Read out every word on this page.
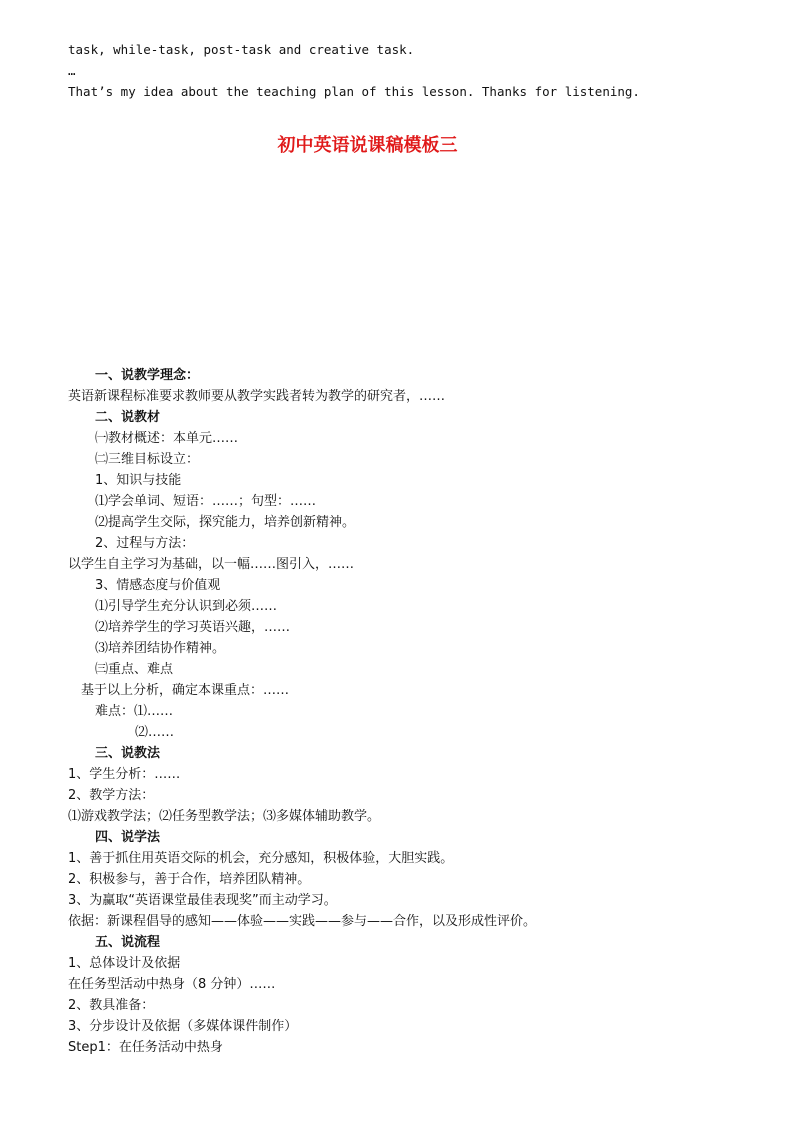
task, while-task, post-task and creative task.
…
That’s my idea about the teaching plan of this lesson. Thanks for listening.
初中英语说课稿模板三
一、说教学理念：
英语新课程标准要求教师要从教学实践者转为教学的研究者，……
二、说教材
㈠教材概述：本单元……
㈡三维目标设立：
1、知识与技能
⑴学会单词、短语：……；句型：……
⑵提高学生交际，探究能力，培养创新精神。
2、过程与方法：
以学生自主学习为基础，以一幅……图引入，……
3、情感态度与价值观
⑴引导学生充分认识到必须……
⑵培养学生的学习英语兴趣，……
⑶培养团结协作精神。
㈢重点、难点
基于以上分析，确定本课重点：……
难点：⑴……
⑵……
三、说教法
1、学生分析：……
2、教学方法：
⑴游戏教学法；⑵任务型教学法；⑶多媒体辅助教学。
四、说学法
1、善于抓住用英语交际的机会，充分感知，积极体验，大胆实践。
2、积极参与，善于合作，培养团队精神。
3、为赢取“英语课堂最佳表现奖”而主动学习。
依据：新课程倡导的感知——体验——实践——参与——合作，以及形成性评价。
五、说流程
1、总体设计及依据
在任务型活动中热身（8 分钟）……
2、教具准备：
3、分步设计及依据（多媒体课件制作）
Step1：在任务活动中热身
